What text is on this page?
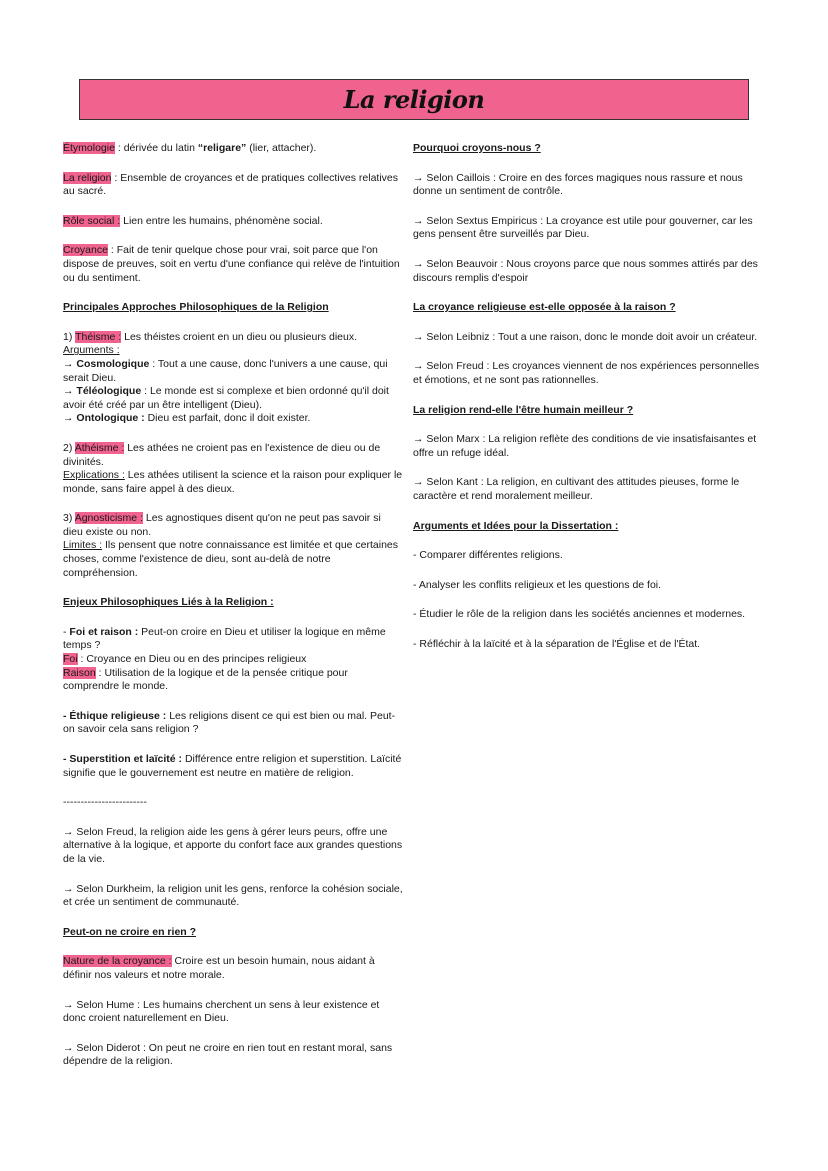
La religion

Étymologie : dérivée du latin “religare” (lier, attacher).

La religion : Ensemble de croyances et de pratiques collectives relatives au sacré.

Rôle social : Lien entre les humains, phénomène social.

Croyance : Fait de tenir quelque chose pour vrai, soit parce que l'on dispose de preuves, soit en vertu d'une confiance qui relève de l'intuition ou du sentiment.

Principales Approches Philosophiques de la Religion

1) Théisme : Les théistes croient en un dieu ou plusieurs dieux.
Arguments :
→ Cosmologique : Tout a une cause, donc l'univers a une cause, qui serait Dieu.
→ Téléologique : Le monde est si complexe et bien ordonné qu'il doit avoir été créé par un être intelligent (Dieu).
→ Ontologique : Dieu est parfait, donc il doit exister.

2) Athéisme : Les athées ne croient pas en l'existence de dieu ou de divinités.
Explications : Les athées utilisent la science et la raison pour expliquer le monde, sans faire appel à des dieux.

3) Agnosticisme : Les agnostiques disent qu'on ne peut pas savoir si dieu existe ou non.
Limites : Ils pensent que notre connaissance est limitée et que certaines choses, comme l'existence de dieu, sont au-delà de notre compréhension.

Enjeux Philosophiques Liés à la Religion :

- Foi et raison : Peut-on croire en Dieu et utiliser la logique en même temps ?
Foi : Croyance en Dieu ou en des principes religieux
Raison : Utilisation de la logique et de la pensée critique pour comprendre le monde.

- Éthique religieuse : Les religions disent ce qui est bien ou mal. Peut-on savoir cela sans religion ?

- Superstition et laïcité : Différence entre religion et superstition. Laïcité signifie que le gouvernement est neutre en matière de religion.

------------------------

→ Selon Freud, la religion aide les gens à gérer leurs peurs, offre une alternative à la logique, et apporte du confort face aux grandes questions de la vie.

→ Selon Durkheim, la religion unit les gens, renforce la cohésion sociale, et crée un sentiment de communauté.

Peut-on ne croire en rien ?

Nature de la croyance : Croire est un besoin humain, nous aidant à définir nos valeurs et notre morale.

→ Selon Hume : Les humains cherchent un sens à leur existence et donc croient naturellement en Dieu.

→ Selon Diderot : On peut ne croire en rien tout en restant moral, sans dépendre de la religion.

Pourquoi croyons-nous ?

→ Selon Caillois : Croire en des forces magiques nous rassure et nous donne un sentiment de contrôle.

→ Selon Sextus Empiricus : La croyance est utile pour gouverner, car les gens pensent être surveillés par Dieu.

→ Selon Beauvoir : Nous croyons parce que nous sommes attirés par des discours remplis d'espoir

La croyance religieuse est-elle opposée à la raison ?

→ Selon Leibniz : Tout a une raison, donc le monde doit avoir un créateur.

→ Selon Freud : Les croyances viennent de nos expériences personnelles et émotions, et ne sont pas rationnelles.

La religion rend-elle l'être humain meilleur ?

→ Selon Marx : La religion reflète des conditions de vie insatisfaisantes et offre un refuge idéal.

→ Selon Kant : La religion, en cultivant des attitudes pieuses, forme le caractère et rend moralement meilleur.

Arguments et Idées pour la Dissertation :

- Comparer différentes religions.

- Analyser les conflits religieux et les questions de foi.

- Étudier le rôle de la religion dans les sociétés anciennes et modernes.

- Réfléchir à la laïcité et à la séparation de l'Église et de l'État.
